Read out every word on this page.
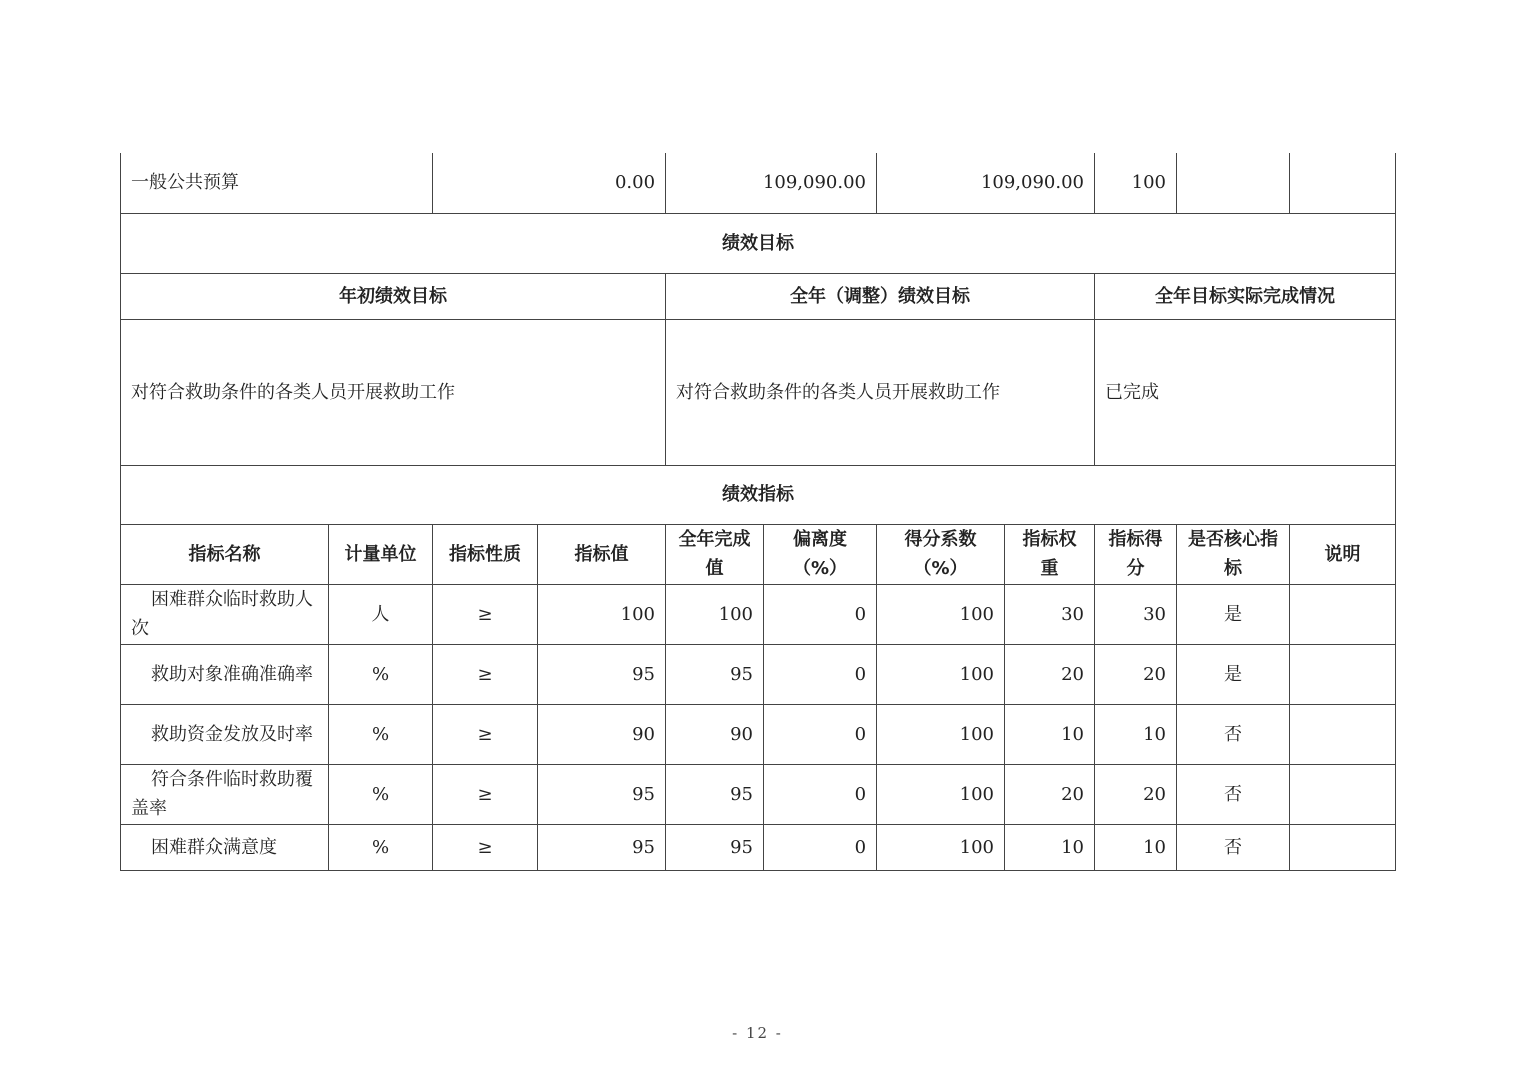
一般公共预算		0.00		109,090.00		109,090.00		100		
绩效目标										
年初绩效目标				全年（调整）绩效目标				全年目标实际完成情况		
对符合救助条件的各类人员开展救助工作				对符合救助条件的各类人员开展救助工作				已完成		
绩效指标										
指标名称	计量单位	指标性质	指标值	全年完成值	偏离度（%）	得分系数（%）	指标权重	指标得分	是否核心指标	说明
困难群众临时救助人次	人	≥	100	100	0	100	30	30	是	
救助对象准确准确率	%	≥	95	95	0	100	20	20	是	
救助资金发放及时率	%	≥	90	90	0	100	10	10	否	
符合条件临时救助覆盖率	%	≥	95	95	0	100	20	20	否	
困难群众满意度	%	≥	95	95	0	100	10	10	否	
- 12 -
